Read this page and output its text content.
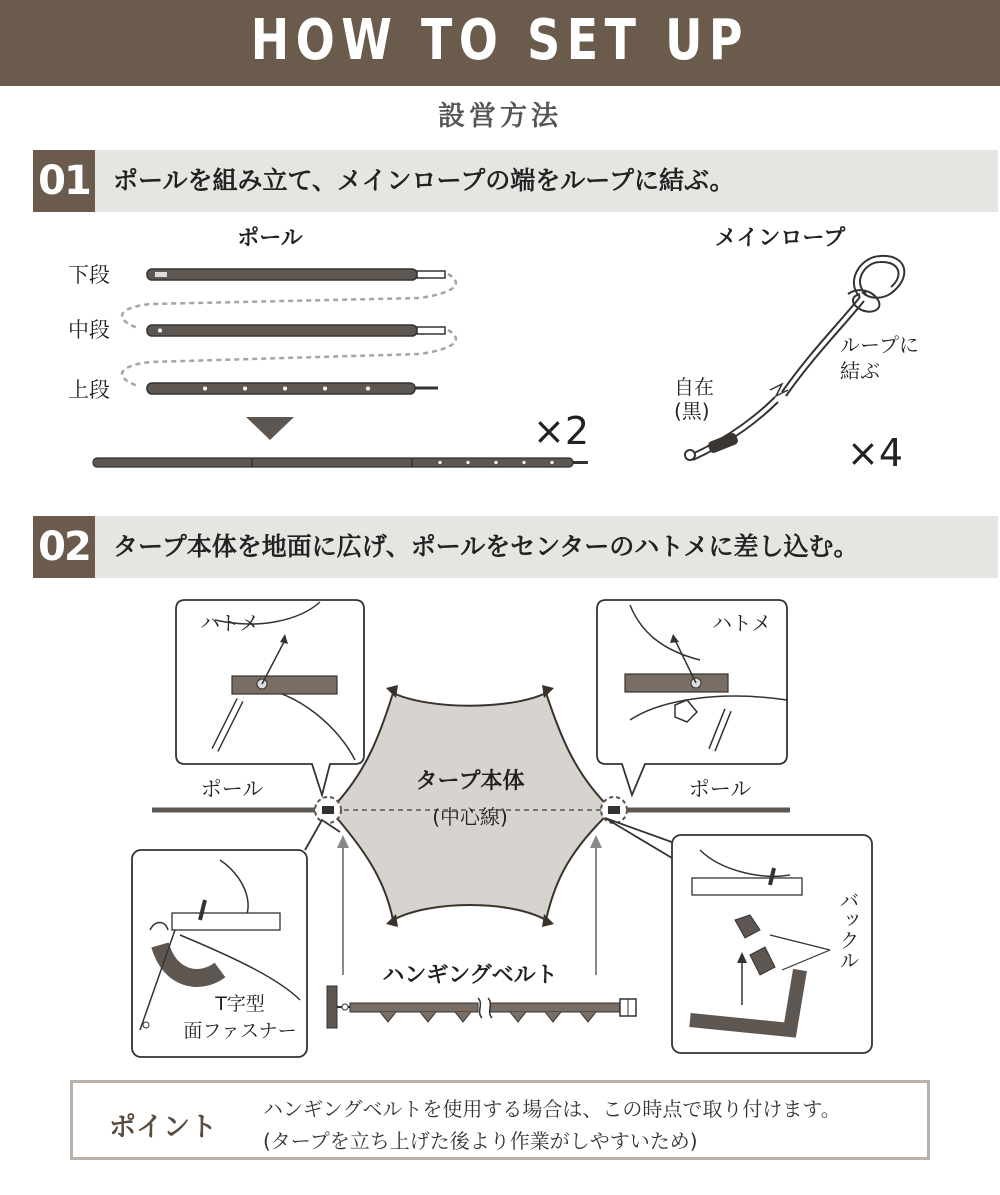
HOW TO SET UP
設営方法
01 ポールを組み立て、メインロープの端をループに結ぶ。
ポール
下段
中段
上段
×2
メインロープ
ループに
結ぶ
自在
(黒)
×4
02 タープ本体を地面に広げ、ポールをセンターのハトメに差し込む。
ポール	ポール
タープ本体
(中心線)
ハトメ	ハトメ
T字型
面ファスナー
バックル
ハンギングベルト
ポイント
ハンギングベルトを使用する場合は、この時点で取り付けます。
(タープを立ち上げた後より作業がしやすいため)
